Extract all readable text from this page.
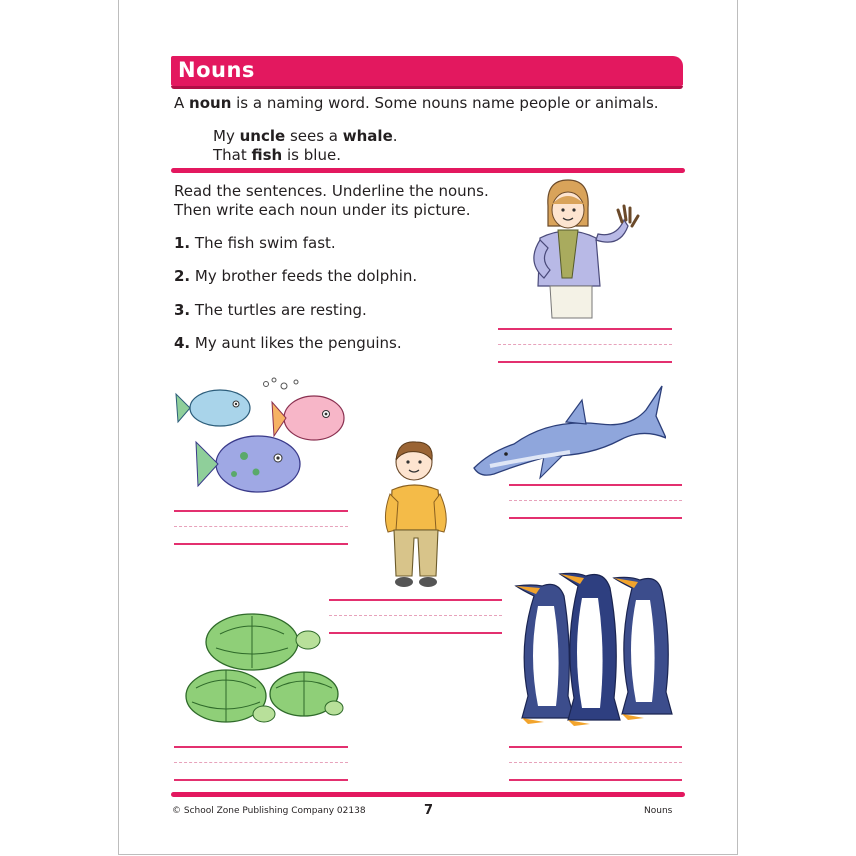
Nouns
A noun is a naming word. Some nouns name people or animals.
My uncle sees a whale.
That fish is blue.
Read the sentences. Underline the nouns.
Then write each noun under its picture.
1. The fish swim fast.
2. My brother feeds the dolphin.
3. The turtles are resting.
4. My aunt likes the penguins.
© School Zone Publishing Company 02138	7	Nouns
